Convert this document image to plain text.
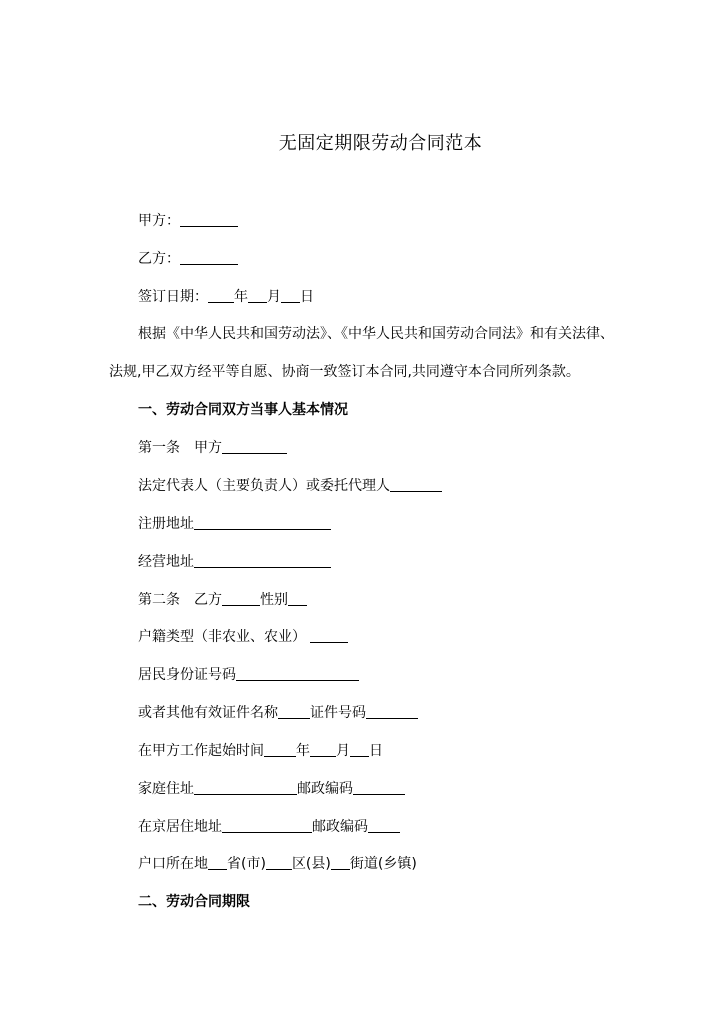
无固定期限劳动合同范本
甲方：
乙方：
签订日期： 年 月 日
根据《中华人民共和国劳动法》、《中华人民共和国劳动合同法》和有关法律、
法规,甲乙双方经平等自愿、协商一致签订本合同,共同遵守本合同所列条款。
一、劳动合同双方当事人基本情况
第一条 甲方
法定代表人（主要负责人）或委托代理人
注册地址
经营地址
第二条 乙方	性别
户籍类型（非农业、农业）
居民身份证号码
或者其他有效证件名称 证件号码
在甲方工作起始时间 年 月 日
家庭住址	邮政编码
在京居住地址	邮政编码
户口所在地 省(市) 区(县) 街道(乡镇)
二、劳动合同期限
